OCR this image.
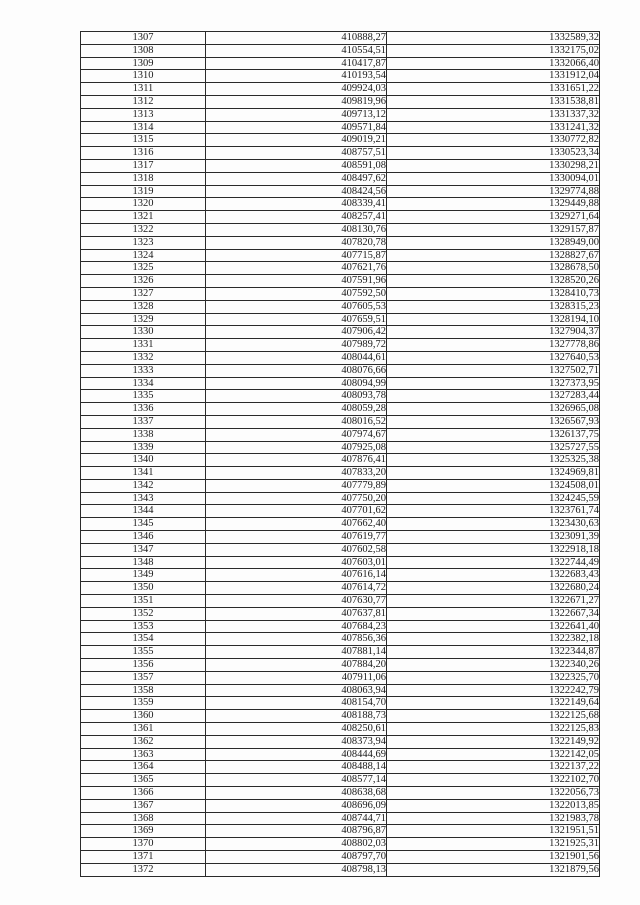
1307	410888,27	1332589,32
1308	410554,51	1332175,02
1309	410417,87	1332066,40
1310	410193,54	1331912,04
1311	409924,03	1331651,22
1312	409819,96	1331538,81
1313	409713,12	1331337,32
1314	409571,84	1331241,32
1315	409019,21	1330772,82
1316	408757,51	1330523,34
1317	408591,08	1330298,21
1318	408497,62	1330094,01
1319	408424,56	1329774,88
1320	408339,41	1329449,88
1321	408257,41	1329271,64
1322	408130,76	1329157,87
1323	407820,78	1328949,00
1324	407715,87	1328827,67
1325	407621,76	1328678,50
1326	407591,96	1328520,26
1327	407592,50	1328410,73
1328	407605,53	1328315,23
1329	407659,51	1328194,10
1330	407906,42	1327904,37
1331	407989,72	1327778,86
1332	408044,61	1327640,53
1333	408076,66	1327502,71
1334	408094,99	1327373,95
1335	408093,78	1327283,44
1336	408059,28	1326965,08
1337	408016,52	1326567,93
1338	407974,67	1326137,75
1339	407925,08	1325727,55
1340	407876,41	1325325,38
1341	407833,20	1324969,81
1342	407779,89	1324508,01
1343	407750,20	1324245,59
1344	407701,62	1323761,74
1345	407662,40	1323430,63
1346	407619,77	1323091,39
1347	407602,58	1322918,18
1348	407603,01	1322744,49
1349	407616,14	1322683,43
1350	407614,72	1322680,24
1351	407630,77	1322671,27
1352	407637,81	1322667,34
1353	407684,23	1322641,40
1354	407856,36	1322382,18
1355	407881,14	1322344,87
1356	407884,20	1322340,26
1357	407911,06	1322325,70
1358	408063,94	1322242,79
1359	408154,70	1322149,64
1360	408188,73	1322125,68
1361	408250,61	1322125,83
1362	408373,94	1322149,92
1363	408444,69	1322142,05
1364	408488,14	1322137,22
1365	408577,14	1322102,70
1366	408638,68	1322056,73
1367	408696,09	1322013,85
1368	408744,71	1321983,78
1369	408796,87	1321951,51
1370	408802,03	1321925,31
1371	408797,70	1321901,56
1372	408798,13	1321879,56
